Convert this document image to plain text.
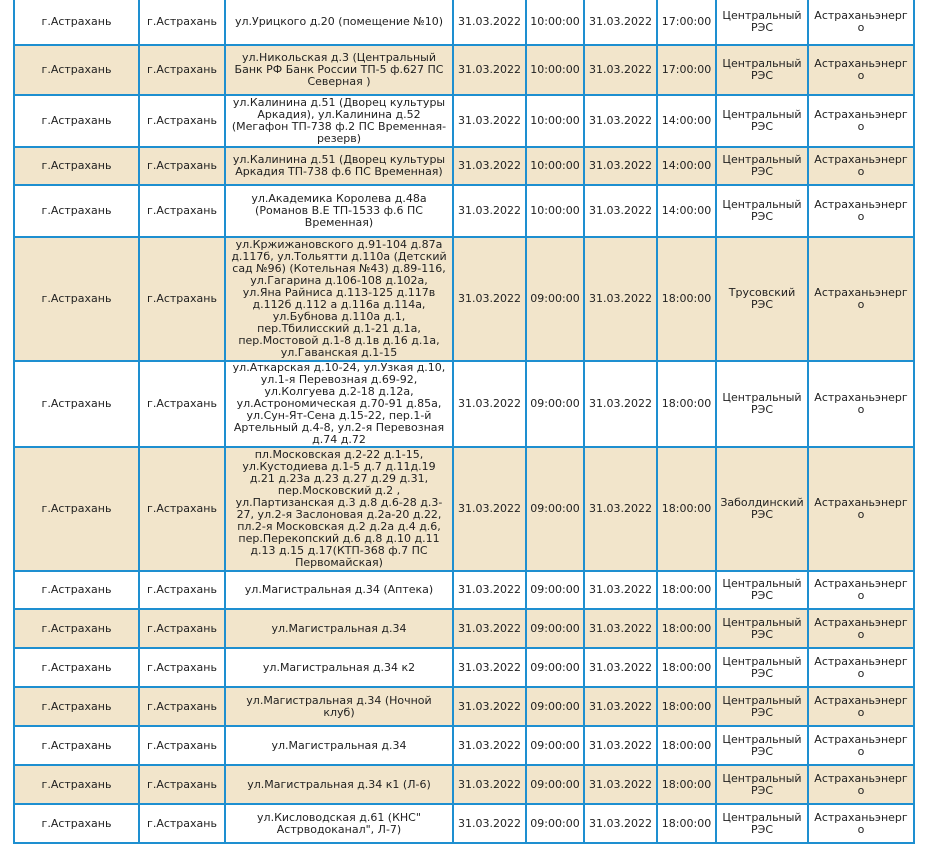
г.Астрахань	г.Астрахань	ул.Урицкого д.20 (помещение №10)	31.03.2022	10:00:00	31.03.2022	17:00:00	Центральный РЭС	Астраханьэнерго
г.Астрахань	г.Астрахань	ул.Никольская д.3 (Центральный Банк РФ Банк России ТП-5 ф.627 ПС Северная )	31.03.2022	10:00:00	31.03.2022	17:00:00	Центральный РЭС	Астраханьэнерго
г.Астрахань	г.Астрахань	ул.Калинина д.51 (Дворец культуры Аркадия), ул.Калинина д.52 (Мегафон ТП-738 ф.2 ПС Временная- резерв)	31.03.2022	10:00:00	31.03.2022	14:00:00	Центральный РЭС	Астраханьэнерго
г.Астрахань	г.Астрахань	ул.Калинина д.51 (Дворец культуры Аркадия ТП-738 ф.6 ПС Временная)	31.03.2022	10:00:00	31.03.2022	14:00:00	Центральный РЭС	Астраханьэнерго
г.Астрахань	г.Астрахань	ул.Академика Королева д.48а (Романов В.Е ТП-1533 ф.6 ПС Временная)	31.03.2022	10:00:00	31.03.2022	14:00:00	Центральный РЭС	Астраханьэнерго
г.Астрахань	г.Астрахань	ул.Кржижановского д.91-104 д.87а д.117б, ул.Тольятти д.110а (Детский сад №96) (Котельная №43) д.89-116, ул.Гагарина д.106-108 д.102а, ул.Яна Райниса д.113-125 д.117в д.112б д.112 а д.116а д.114а, ул.Бубнова д.110а д.1, пер.Тбилисский д.1-21 д.1а, пер.Мостовой д.1-8 д.1в д.16 д.1а, ул.Гаванская д.1-15	31.03.2022	09:00:00	31.03.2022	18:00:00	Трусовский РЭС	Астраханьэнерго
г.Астрахань	г.Астрахань	ул.Аткарская д.10-24, ул.Узкая д.10, ул.1-я Перевозная д.69-92, ул.Колгуева д.2-18 д.12а, ул.Астрономическая д.70-91 д.85а, ул.Сун-Ят-Сена д.15-22, пер.1-й Артельный д.4-8, ул.2-я Перевозная д.74 д.72	31.03.2022	09:00:00	31.03.2022	18:00:00	Центральный РЭС	Астраханьэнерго
г.Астрахань	г.Астрахань	пл.Московская д.2-22 д.1-15, ул.Кустодиева д.1-5 д.7 д.11д.19 д.21 д.23а д.23 д.27 д.29 д.31, пер.Московский д.2 , ул.Партизанская д.3 д.8 д.6-28 д.3-27, ул.2-я Заслоновая д.2а-20 д.22, пл.2-я Московская д.2 д.2а д.4 д.6, пер.Перекопский д.6 д.8 д.10 д.11 д.13 д.15 д.17(КТП-368 ф.7 ПС Первомайская)	31.03.2022	09:00:00	31.03.2022	18:00:00	Заболдинский РЭС	Астраханьэнерго
г.Астрахань	г.Астрахань	ул.Магистральная д.34 (Аптека)	31.03.2022	09:00:00	31.03.2022	18:00:00	Центральный РЭС	Астраханьэнерго
г.Астрахань	г.Астрахань	ул.Магистральная д.34	31.03.2022	09:00:00	31.03.2022	18:00:00	Центральный РЭС	Астраханьэнерго
г.Астрахань	г.Астрахань	ул.Магистральная д.34 к2	31.03.2022	09:00:00	31.03.2022	18:00:00	Центральный РЭС	Астраханьэнерго
г.Астрахань	г.Астрахань	ул.Магистральная д.34 (Ночной клуб)	31.03.2022	09:00:00	31.03.2022	18:00:00	Центральный РЭС	Астраханьэнерго
г.Астрахань	г.Астрахань	ул.Магистральная д.34	31.03.2022	09:00:00	31.03.2022	18:00:00	Центральный РЭС	Астраханьэнерго
г.Астрахань	г.Астрахань	ул.Магистральная д.34 к1 (Л-6)	31.03.2022	09:00:00	31.03.2022	18:00:00	Центральный РЭС	Астраханьэнерго
г.Астрахань	г.Астрахань	ул.Кисловодская д.61 (КНС" Астрводоканал", Л-7)	31.03.2022	09:00:00	31.03.2022	18:00:00	Центральный РЭС	Астраханьэнерго
